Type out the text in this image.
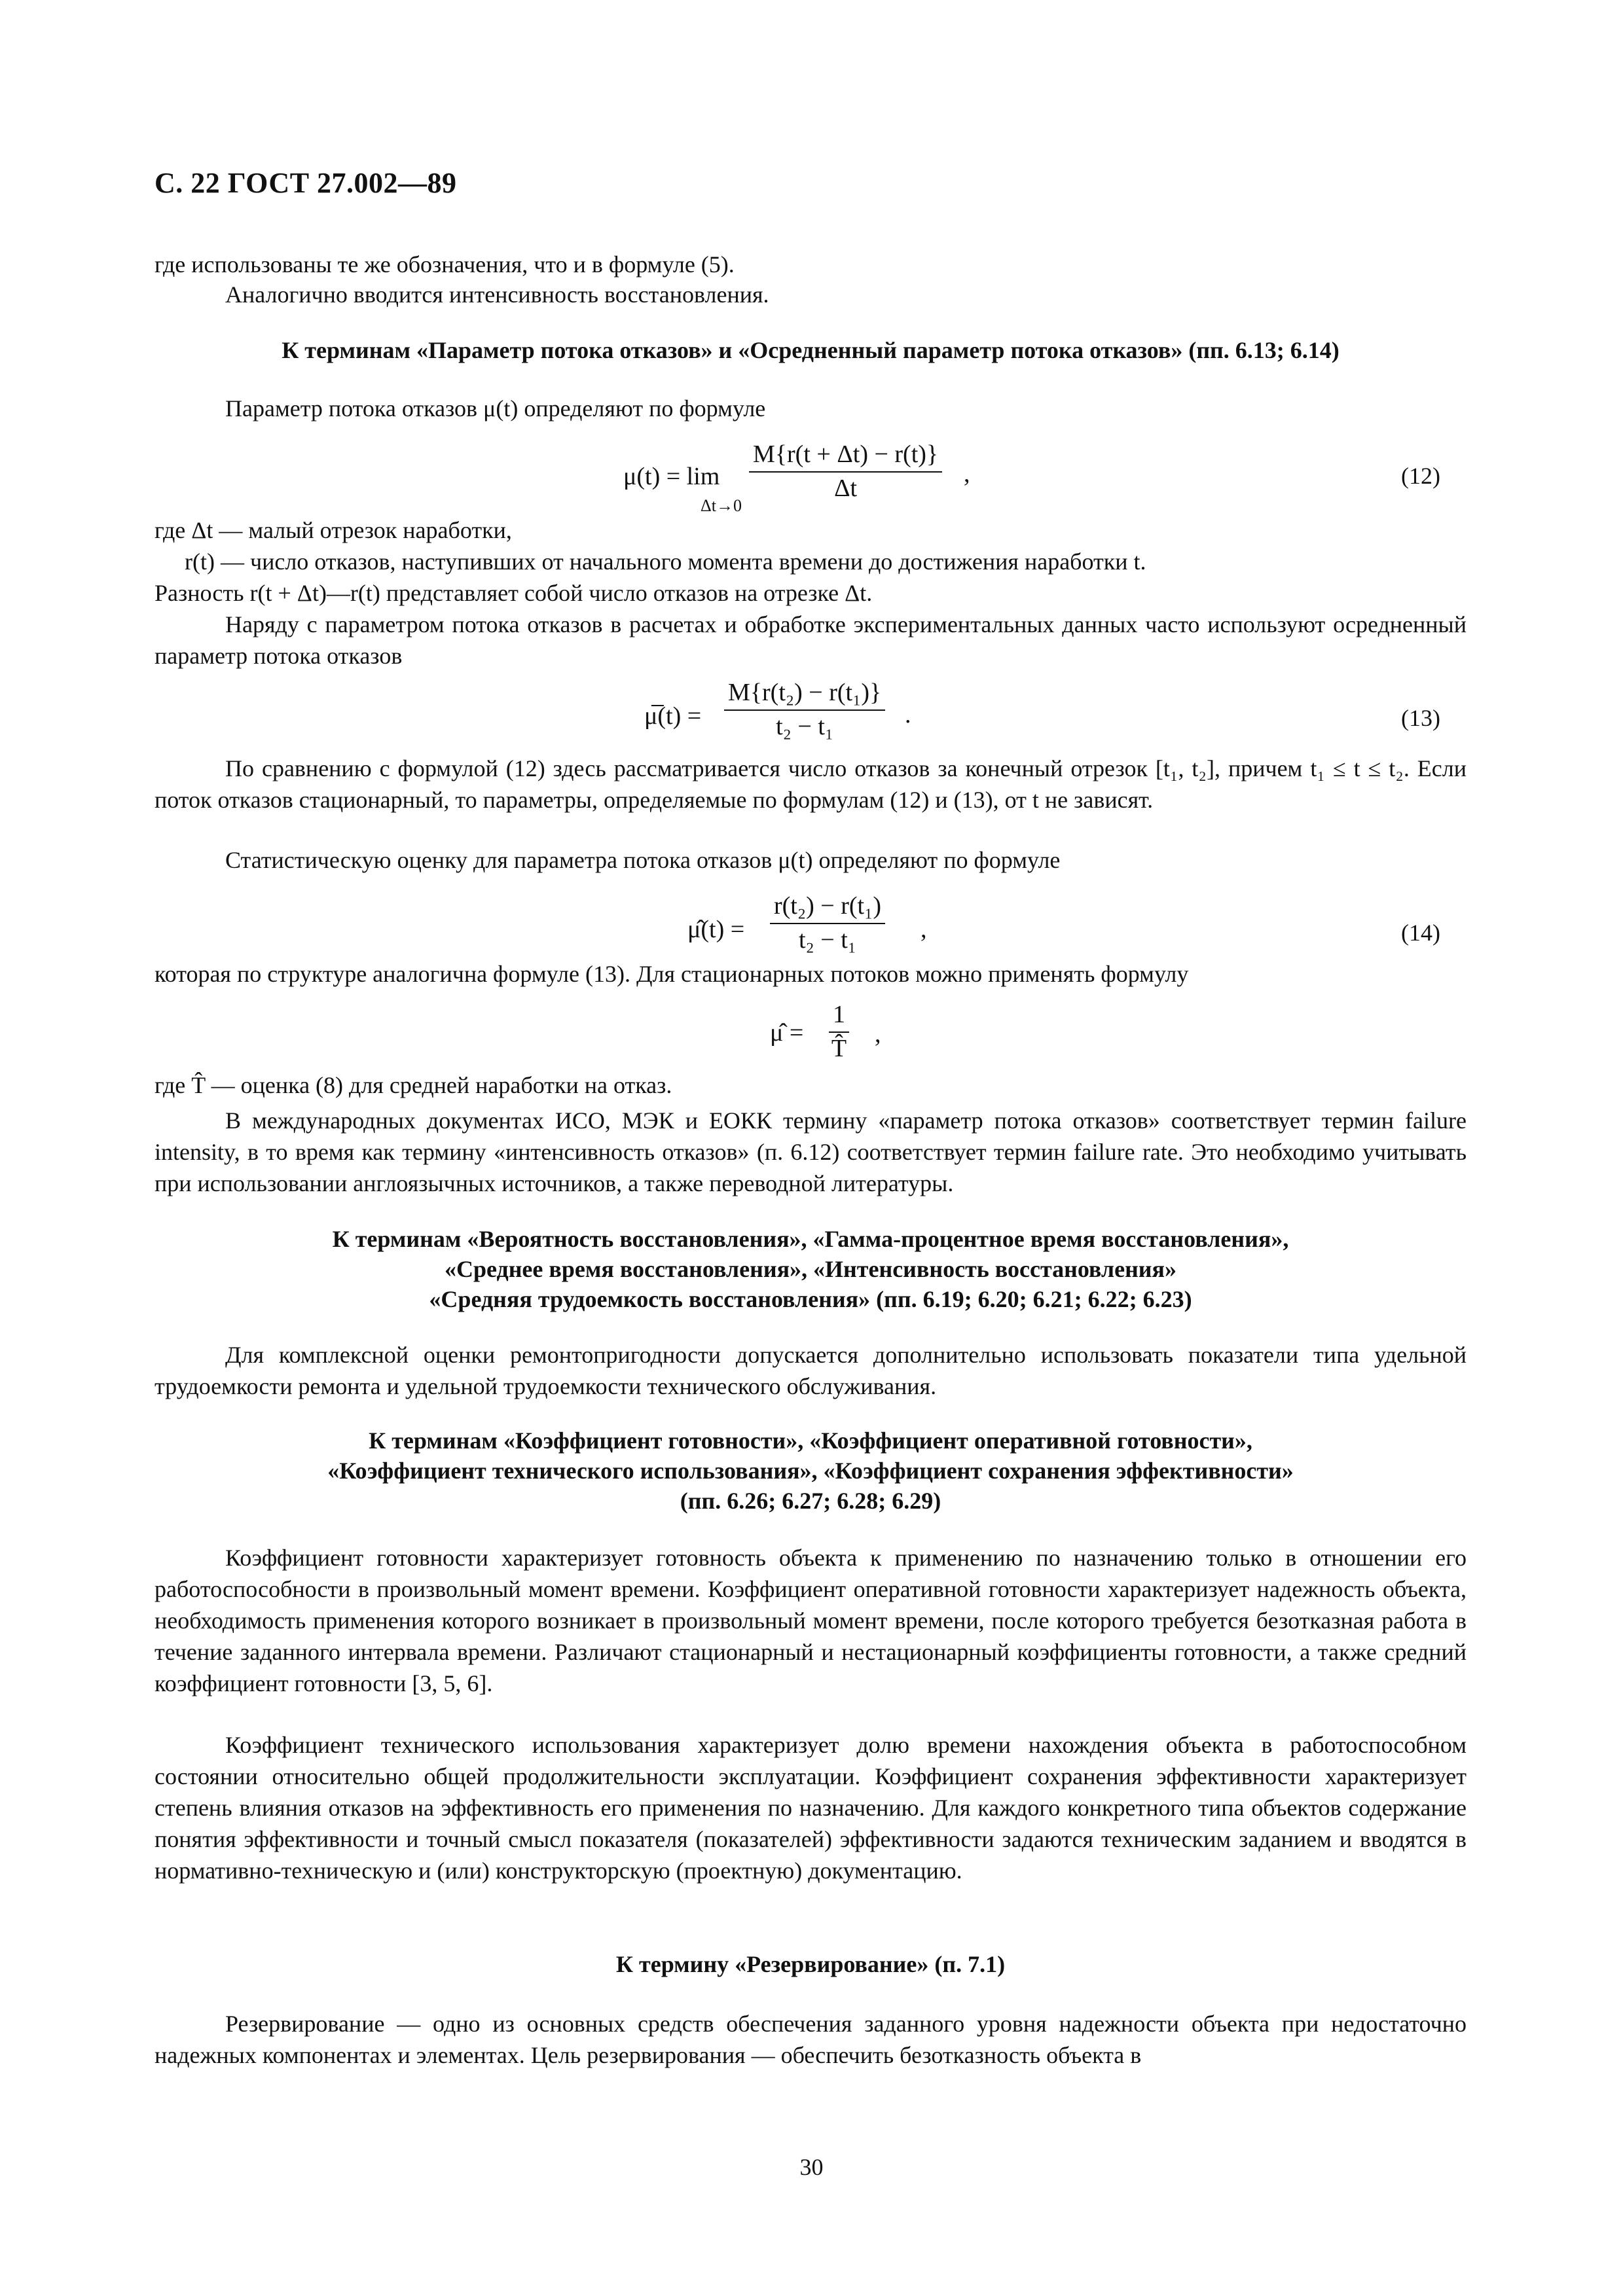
С. 22 ГОСТ 27.002—89

где использованы те же обозначения, что и в формуле (5).

Аналогично вводится интенсивность восстановления.

К терминам «Параметр потока отказов» и «Осредненный параметр потока отказов» (пп. 6.13; 6.14)

Параметр потока отказов μ(t) определяют по формуле

μ(t) = lim
Δt→0
$\frac{M\{r(t + \Delta t) - r(t)\}}{\Delta t}$ ,	(12)

где Δt — малый отрезок наработки,

r(t) — число отказов, наступивших от начального момента времени до достижения наработки t.

Разность r(t + Δt)—r(t) представляет собой число отказов на отрезке Δt.

Наряду с параметром потока отказов в расчетах и обработке экспериментальных данных часто используют осредненный параметр потока отказов

μ̅(t) = $\frac{\text{M\{r(t₂) − r(t₁)\}}}{\text{t₂ − t₁}}$ .	(13)

По сравнению с формулой (12) здесь рассматривается число отказов за конечный отрезок [t₁, t₂], причем t₁ ≤ t ≤ t₂. Если поток отказов стационарный, то параметры, определяемые по формулам (12) и (13), от t не зависят.

Статистическую оценку для параметра потока отказов μ(t) определяют по формуле

μ̂(t) = $\frac{\text{r(t₂) − r(t₁)}}{\text{t₂ − t₁}}$ ,	(14)

которая по структуре аналогична формуле (13). Для стационарных потоков можно применять формулу

μ̂ = $\frac{1}{T̂}$ ,

где T̂ — оценка (8) для средней наработки на отказ.

В международных документах ИСО, МЭК и ЕОКК термину «параметр потока отказов» соответствует термин failure intensity, в то время как термину «интенсивность отказов» (п. 6.12) соответствует термин failure rate. Это необходимо учитывать при использовании англоязычных источников, а также переводной литературы.

К терминам «Вероятность восстановления», «Гамма-процентное время восстановления»,
«Среднее время восстановления», «Интенсивность восстановления»
«Средняя трудоемкость восстановления» (пп. 6.19; 6.20; 6.21; 6.22; 6.23)

Для комплексной оценки ремонтопригодности допускается дополнительно использовать показатели типа удельной трудоемкости ремонта и удельной трудоемкости технического обслуживания.

К терминам «Коэффициент готовности», «Коэффициент оперативной готовности»,
«Коэффициент технического использования», «Коэффициент сохранения эффективности»
(пп. 6.26; 6.27; 6.28; 6.29)

Коэффициент готовности характеризует готовность объекта к применению по назначению только в отношении его работоспособности в произвольный момент времени. Коэффициент оперативной готовности характеризует надежность объекта, необходимость применения которого возникает в произвольный момент времени, после которого требуется безотказная работа в течение заданного интервала времени. Различают стационарный и нестационарный коэффициенты готовности, а также средний коэффициент готовности [3, 5, 6].

Коэффициент технического использования характеризует долю времени нахождения объекта в работоспособном состоянии относительно общей продолжительности эксплуатации. Коэффициент сохранения эффективности характеризует степень влияния отказов на эффективность его применения по назначению. Для каждого конкретного типа объектов содержание понятия эффективности и точный смысл показателя (показателей) эффективности задаются техническим заданием и вводятся в нормативно-техническую и (или) конструкторскую (проектную) документацию.

К термину «Резервирование» (п. 7.1)

Резервирование — одно из основных средств обеспечения заданного уровня надежности объекта при недостаточно надежных компонентах и элементах. Цель резервирования — обеспечить безотказность объекта в

30
